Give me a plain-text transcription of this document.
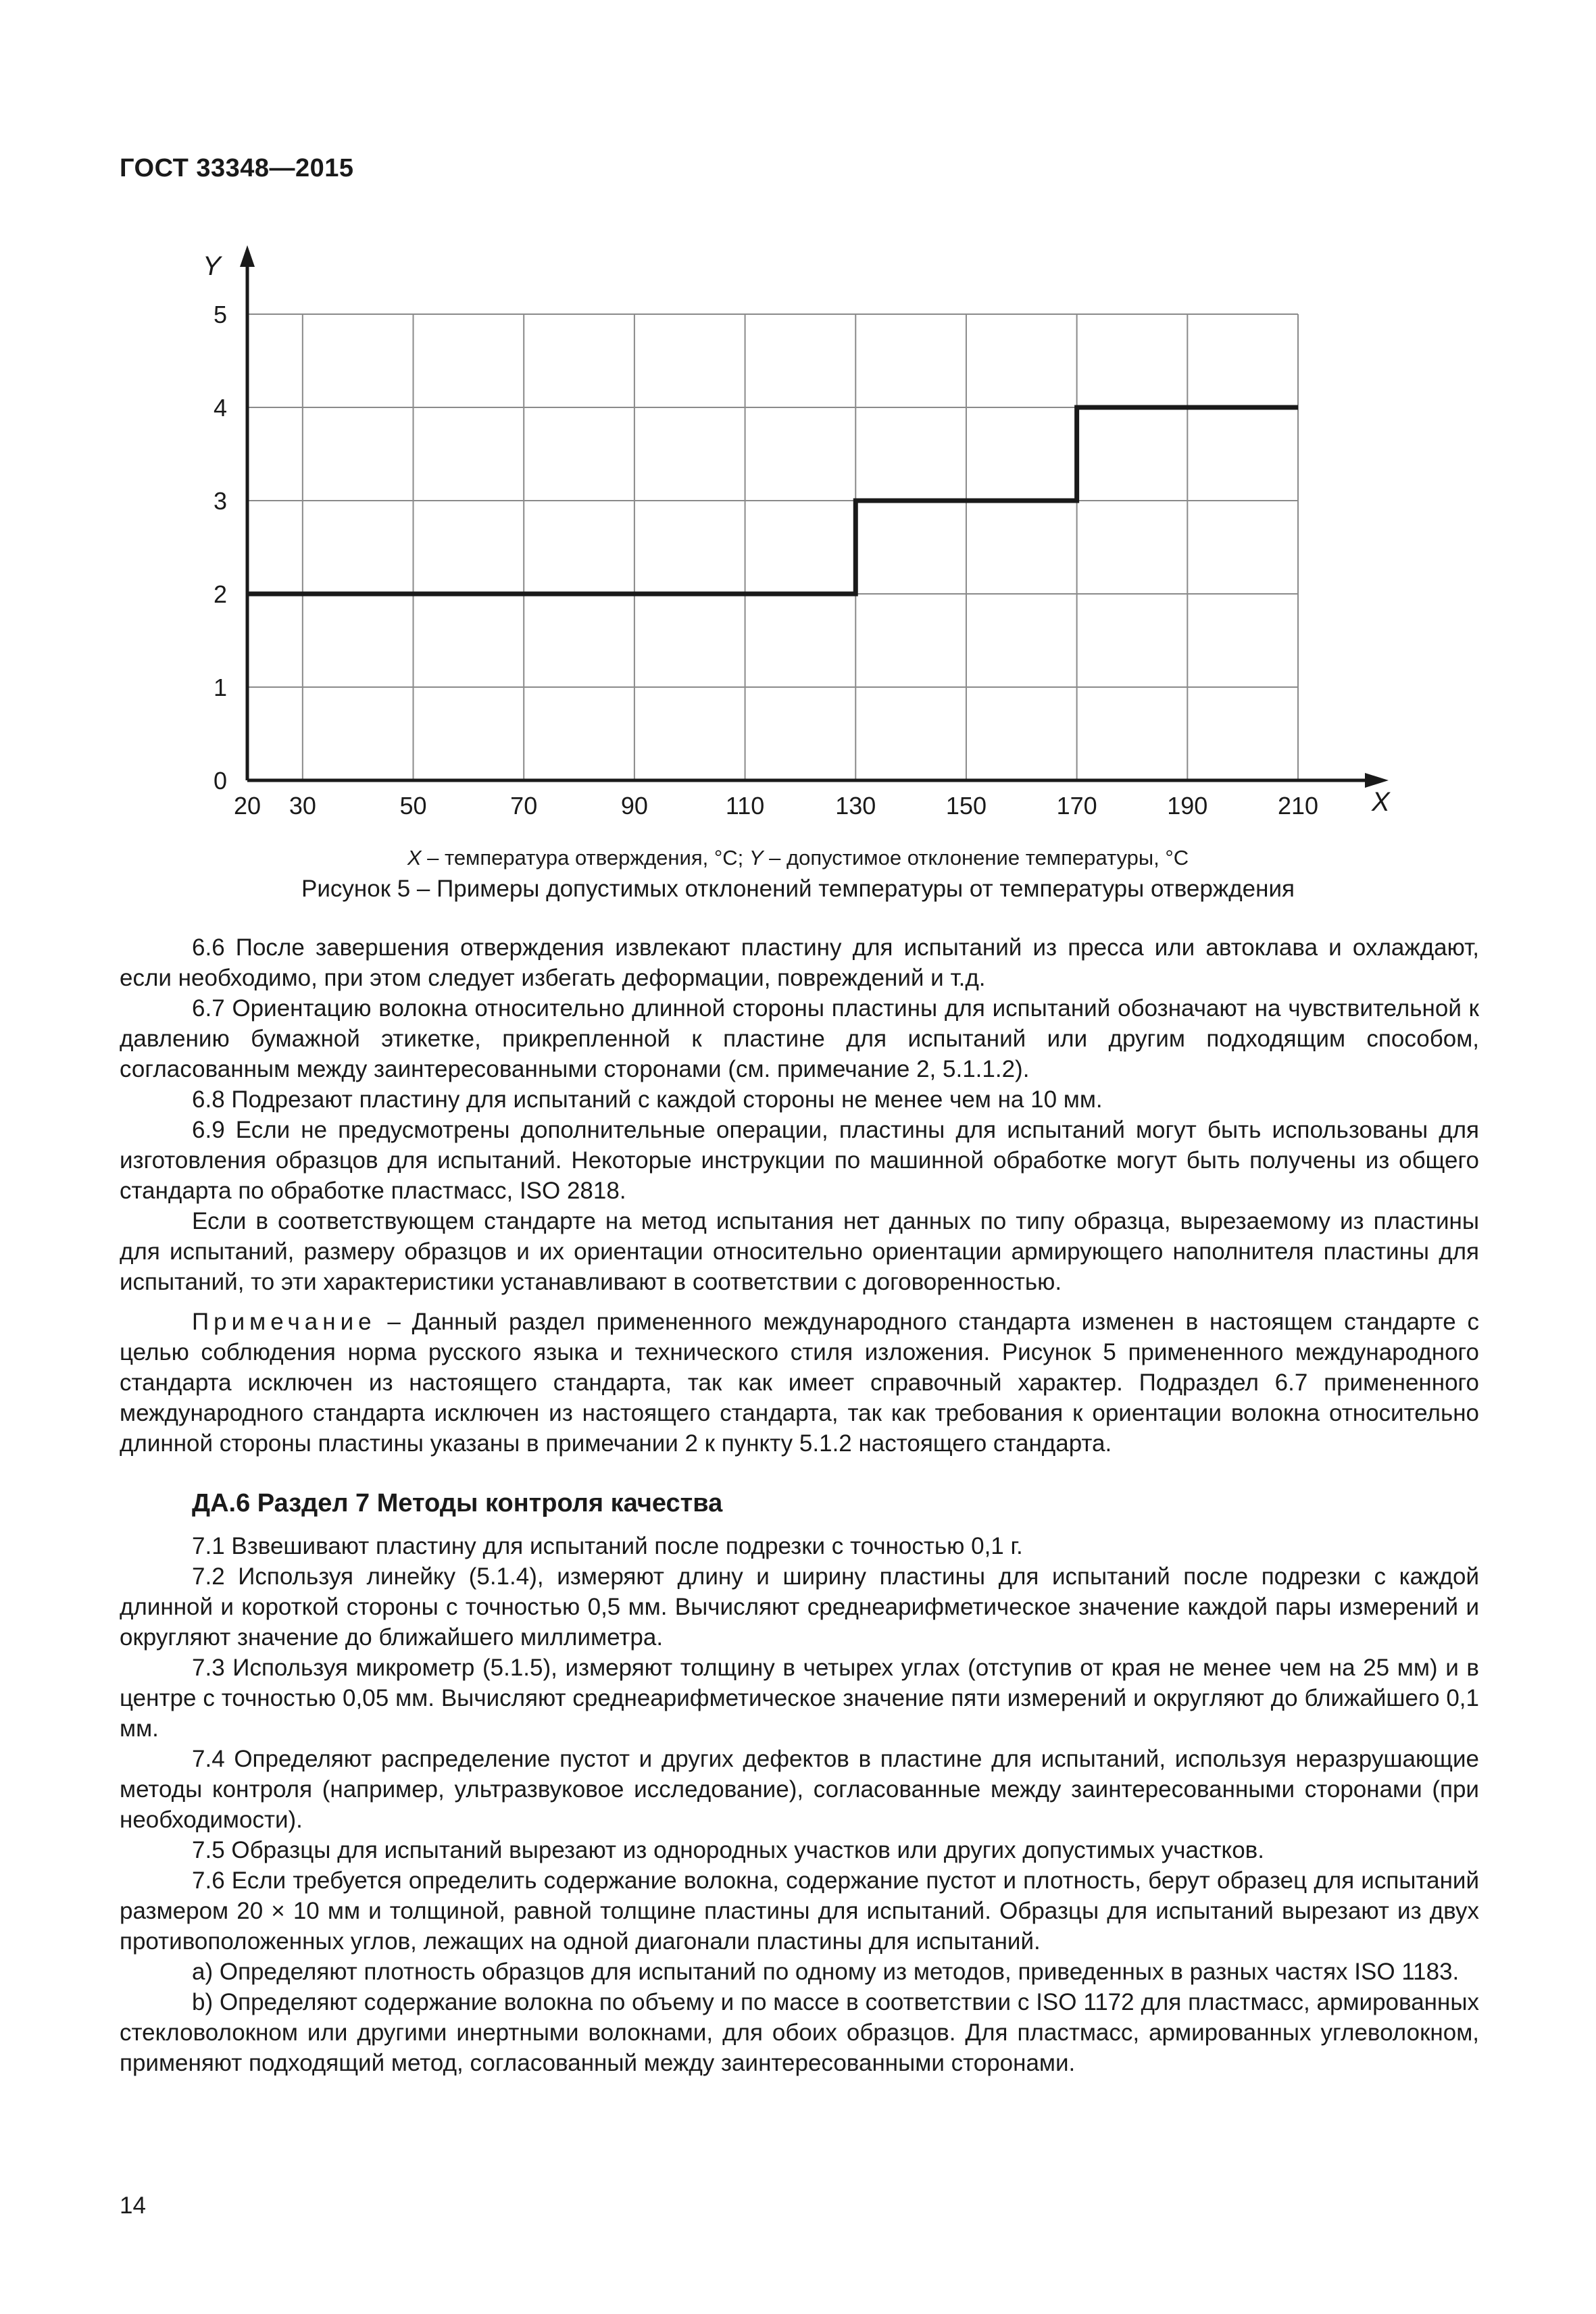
ГОСТ 33348—2015
Y
X
20 30	50	70	90	110	130	150	170	190	210
0
1
2
3
4
5
X – температура отверждения, °С; Y – допустимое отклонение температуры, °С
Рисунок 5 – Примеры допустимых отклонений температуры от температуры отверждения

6.6 После завершения отверждения извлекают пластину для испытаний из пресса или автоклава и охлаждают, если необходимо, при этом следует избегать деформации, повреждений и т.д.

6.7 Ориентацию волокна относительно длинной стороны пластины для испытаний обозначают на чувствительной к давлению бумажной этикетке, прикрепленной к пластине для испытаний или другим подходящим способом, согласованным между заинтересованными сторонами (см. примечание 2, 5.1.1.2).

6.8 Подрезают пластину для испытаний с каждой стороны не менее чем на 10 мм.

6.9 Если не предусмотрены дополнительные операции, пластины для испытаний могут быть использованы для изготовления образцов для испытаний. Некоторые инструкции по машинной обработке могут быть получены из общего стандарта по обработке пластмасс, ISO 2818.

Если в соответствующем стандарте на метод испытания нет данных по типу образца, вырезаемому из пластины для испытаний, размеру образцов и их ориентации относительно ориентации армирующего наполнителя пластины для испытаний, то эти характеристики устанавливают в соответствии с договоренностью.

Примечание – Данный раздел примененного международного стандарта изменен в настоящем стандарте с целью соблюдения норма русского языка и технического стиля изложения. Рисунок 5 примененного международного стандарта исключен из настоящего стандарта, так как имеет справочный характер. Подраздел 6.7 примененного международного стандарта исключен из настоящего стандарта, так как требования к ориентации волокна относительно длинной стороны пластины указаны в примечании 2 к пункту 5.1.2 настоящего стандарта.

ДА.6 Раздел 7 Методы контроля качества

7.1 Взвешивают пластину для испытаний после подрезки с точностью 0,1 г.

7.2 Используя линейку (5.1.4), измеряют длину и ширину пластины для испытаний после подрезки с каждой длинной и короткой стороны с точностью 0,5 мм. Вычисляют среднеарифметическое значение каждой пары измерений и округляют значение до ближайшего миллиметра.

7.3 Используя микрометр (5.1.5), измеряют толщину в четырех углах (отступив от края не менее чем на 25 мм) и в центре с точностью 0,05 мм. Вычисляют среднеарифметическое значение пяти измерений и округляют до ближайшего 0,1 мм.

7.4 Определяют распределение пустот и других дефектов в пластине для испытаний, используя неразрушающие методы контроля (например, ультразвуковое исследование), согласованные между заинтересованными сторонами (при необходимости).

7.5 Образцы для испытаний вырезают из однородных участков или других допустимых участков.

7.6 Если требуется определить содержание волокна, содержание пустот и плотность, берут образец для испытаний размером 20 × 10 мм и толщиной, равной толщине пластины для испытаний. Образцы для испытаний вырезают из двух противоположенных углов, лежащих на одной диагонали пластины для испытаний.

a) Определяют плотность образцов для испытаний по одному из методов, приведенных в разных частях ISO 1183.

b) Определяют содержание волокна по объему и по массе в соответствии с ISO 1172 для пластмасс, армированных стекловолокном или другими инертными волокнами, для обоих образцов. Для пластмасс, армированных углеволокном, применяют подходящий метод, согласованный между заинтересованными сторонами.

14
